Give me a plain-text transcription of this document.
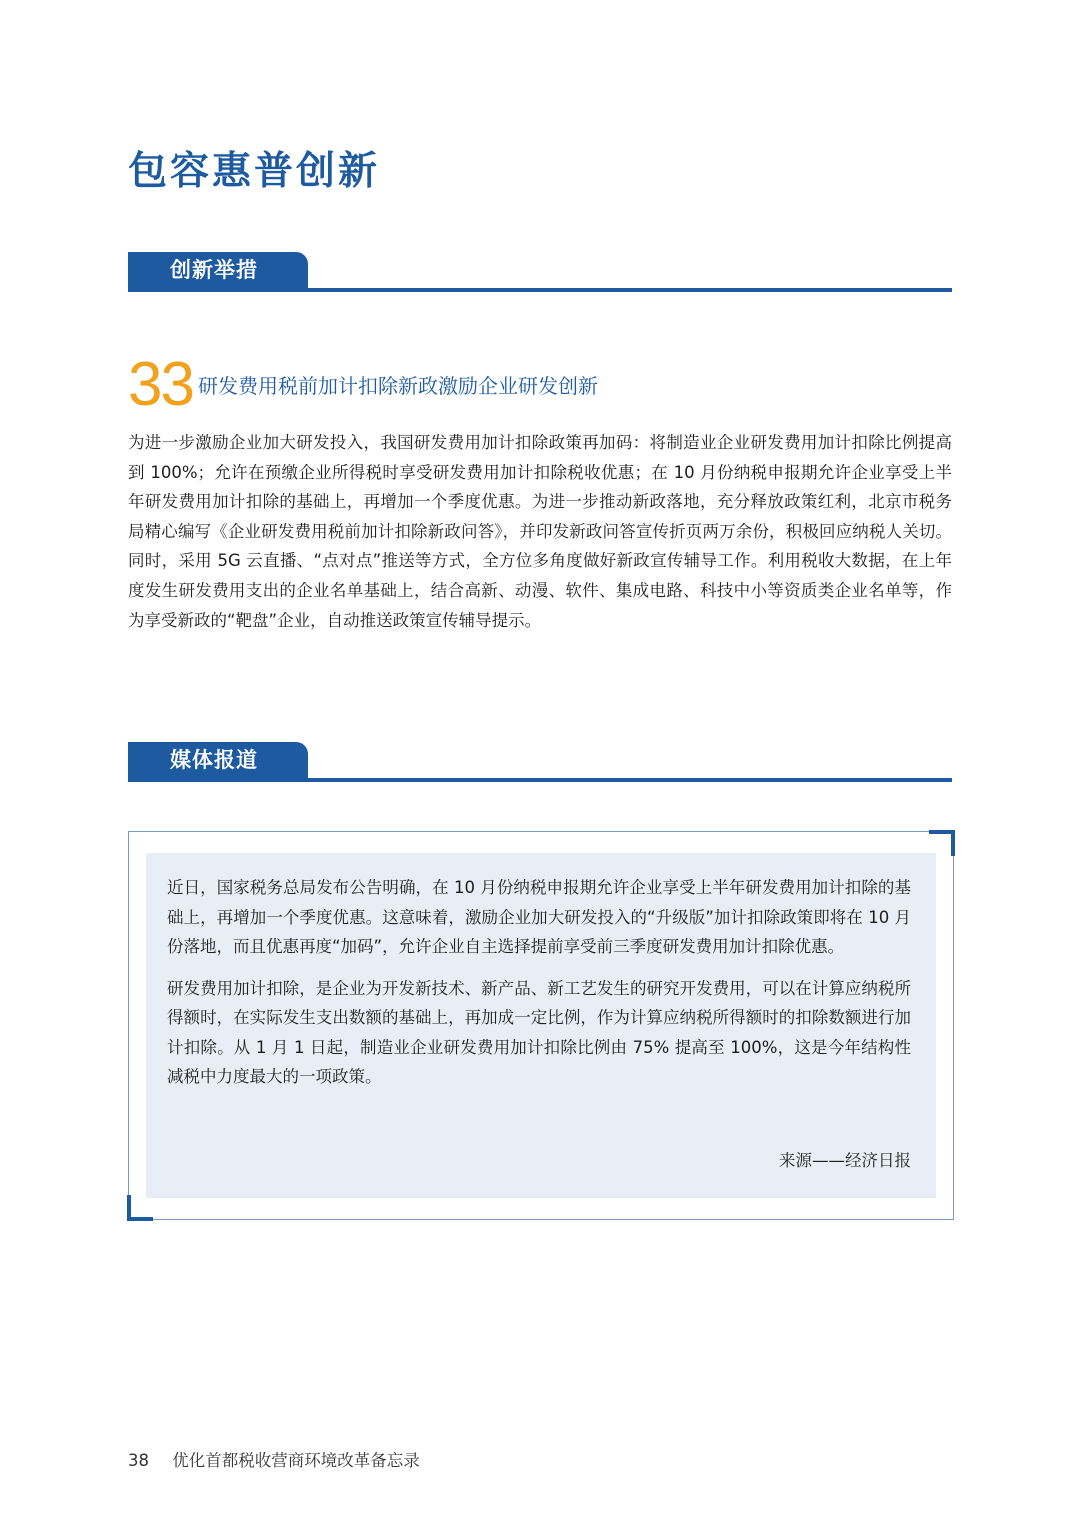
包容惠普创新
创新举措
33 研发费用税前加计扣除新政激励企业研发创新

为进一步激励企业加大研发投入，我国研发费用加计扣除政策再加码：将制造业企业研发费用加计扣除比例提高到 100%；允许在预缴企业所得税时享受研发费用加计扣除税收优惠；在 10 月份纳税申报期允许企业享受上半年研发费用加计扣除的基础上，再增加一个季度优惠。为进一步推动新政落地，充分释放政策红利，北京市税务局精心编写《企业研发费用税前加计扣除新政问答》，并印发新政问答宣传折页两万余份，积极回应纳税人关切。同时，采用 5G 云直播、“点对点”推送等方式，全方位多角度做好新政宣传辅导工作。利用税收大数据，在上年度发生研发费用支出的企业名单基础上，结合高新、动漫、软件、集成电路、科技中小等资质类企业名单等，作为享受新政的“靶盘”企业，自动推送政策宣传辅导提示。

媒体报道

近日，国家税务总局发布公告明确，在 10 月份纳税申报期允许企业享受上半年研发费用加计扣除的基础上，再增加一个季度优惠。这意味着，激励企业加大研发投入的“升级版”加计扣除政策即将在 10 月份落地，而且优惠再度“加码”，允许企业自主选择提前享受前三季度研发费用加计扣除优惠。

研发费用加计扣除，是企业为开发新技术、新产品、新工艺发生的研究开发费用，可以在计算应纳税所得额时，在实际发生支出数额的基础上，再加成一定比例，作为计算应纳税所得额时的扣除数额进行加计扣除。从 1 月 1 日起，制造业企业研发费用加计扣除比例由 75% 提高至 100%，这是今年结构性减税中力度最大的一项政策。

来源——经济日报
38 优化首都税收营商环境改革备忘录
